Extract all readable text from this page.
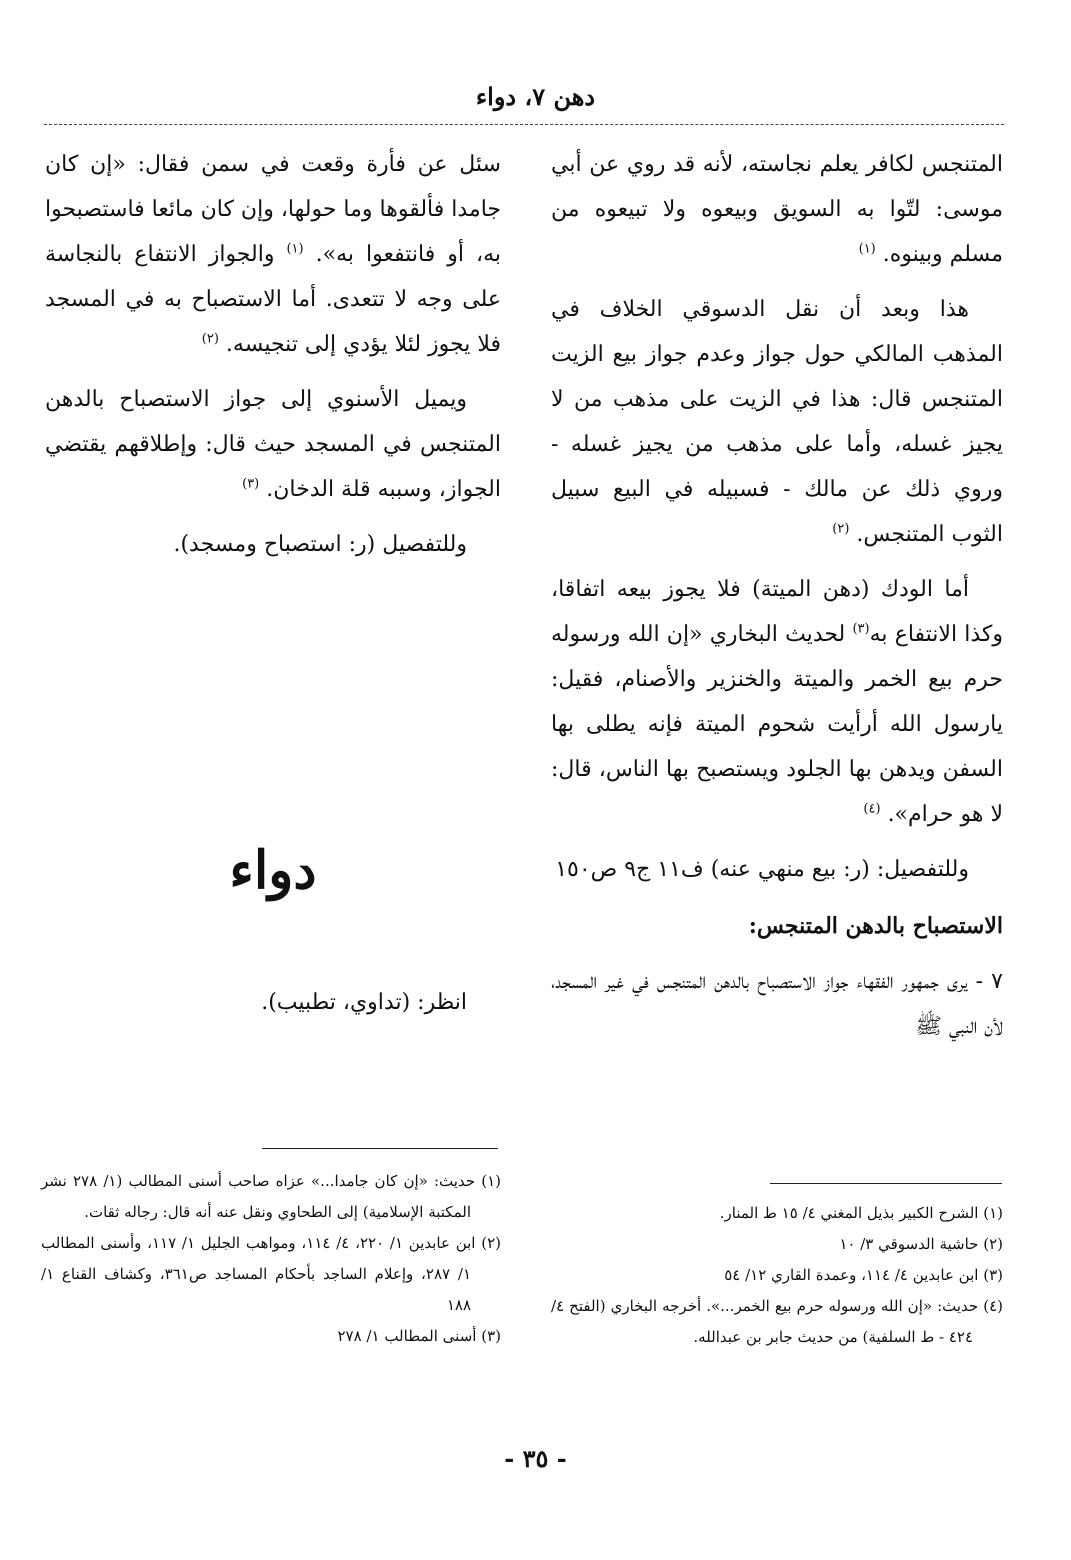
دهن ٧، دواء

المتنجس لكافر يعلم نجاسته، لأنه قد روي عن أبي موسى: لتّوا به السويق وبيعوه ولا تبيعوه من مسلم وبينوه. $^{(١)}$

هذا وبعد أن نقل الدسوقي الخلاف في المذهب المالكي حول جواز وعدم جواز بيع الزيت المتنجس قال: هذا في الزيت على مذهب من لا يجيز غسله، وأما على مذهب من يجيز غسله - وروي ذلك عن مالك - فسبيله في البيع سبيل الثوب المتنجس. $^{(٢)}$

أما الودك (دهن الميتة) فلا يجوز بيعه اتفاقا، وكذا الانتفاع به$^{(٣)}$ لحديث البخاري «إن الله ورسوله حرم بيع الخمر والميتة والخنزير والأصنام، فقيل: يارسول الله أرأيت شحوم الميتة فإنه يطلى بها السفن ويدهن بها الجلود ويستصبح بها الناس، قال: لا هو حرام». $^{(٤)}$

وللتفصيل: (ر: بيع منهي عنه) ف١١ ج٩ ص١٥٠

الاستصباح بالدهن المتنجس:

٧ - يرى جمهور الفقهاء جواز الاستصباح بالدهن المتنجس في غير المسجد، لأن النبي ﷺ

سئل عن فأرة وقعت في سمن فقال: «إن كان جامدا فألقوها وما حولها، وإن كان مائعا فاستصبحوا به، أو فانتفعوا به». $^{(١)}$ والجواز الانتفاع بالنجاسة على وجه لا تتعدى. أما الاستصباح به في المسجد فلا يجوز لئلا يؤدي إلى تنجيسه. $^{(٢)}$

ويميل الأسنوي إلى جواز الاستصباح بالدهن المتنجس في المسجد حيث قال: وإطلاقهم يقتضي الجواز، وسببه قلة الدخان. $^{(٣)}$

وللتفصيل (ر: استصباح ومسجد).

دواء
انظر: (تداوي، تطبيب).

(١) حديث: «إن كان جامدا...» عزاه صاحب أسنى المطالب (١/ ٢٧٨ نشر المكتبة الإسلامية) إلى الطحاوي ونقل عنه أنه قال: رجاله ثقات.

(٢) ابن عابدين ١/ ٢٢٠، ٤/ ١١٤، ومواهب الجليل ١/ ١١٧، وأسنى المطالب ١/ ٢٨٧، وإعلام الساجد بأحكام المساجد ص٣٦١، وكشاف القناع ١/ ١٨٨

(٣) أسنى المطالب ١/ ٢٧٨

(١) الشرح الكبير بذيل المغني ٤/ ١٥ ط المنار.

(٢) حاشية الدسوقي ٣/ ١٠

(٣) ابن عابدين ٤/ ١١٤، وعمدة القاري ١٢/ ٥٤

(٤) حديث: «إن الله ورسوله حرم بيع الخمر...». أخرجه البخاري (الفتح ٤/ ٤٢٤ - ط السلفية) من حديث جابر بن عبدالله.

- ٣٥ -
